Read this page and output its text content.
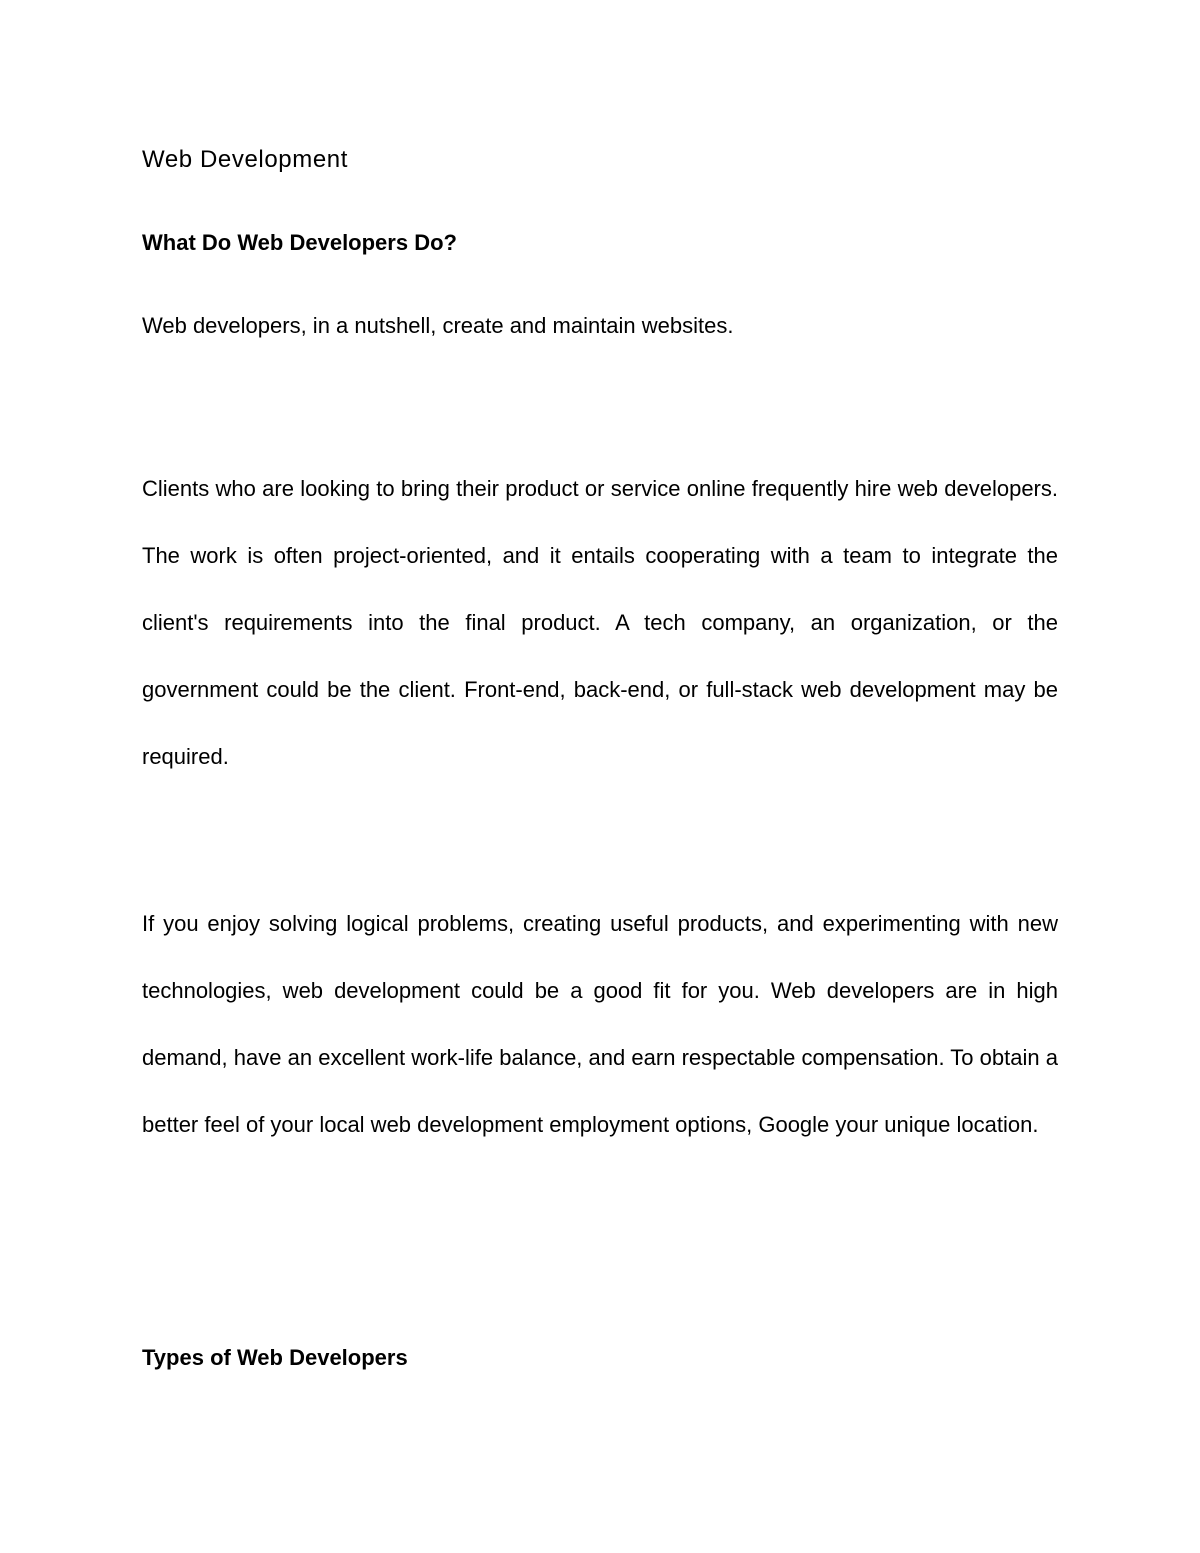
Web Development
What Do Web Developers Do?
Web developers, in a nutshell, create and maintain websites.

Clients who are looking to bring their product or service online frequently hire web developers. The work is often project-oriented, and it entails cooperating with a team to integrate the client's requirements into the final product. A tech company, an organization, or the government could be the client. Front-end, back-end, or full-stack web development may be required.

If you enjoy solving logical problems, creating useful products, and experimenting with new technologies, web development could be a good fit for you. Web developers are in high demand, have an excellent work-life balance, and earn respectable compensation. To obtain a better feel of your local web development employment options, Google your unique location.

Types of Web Developers
